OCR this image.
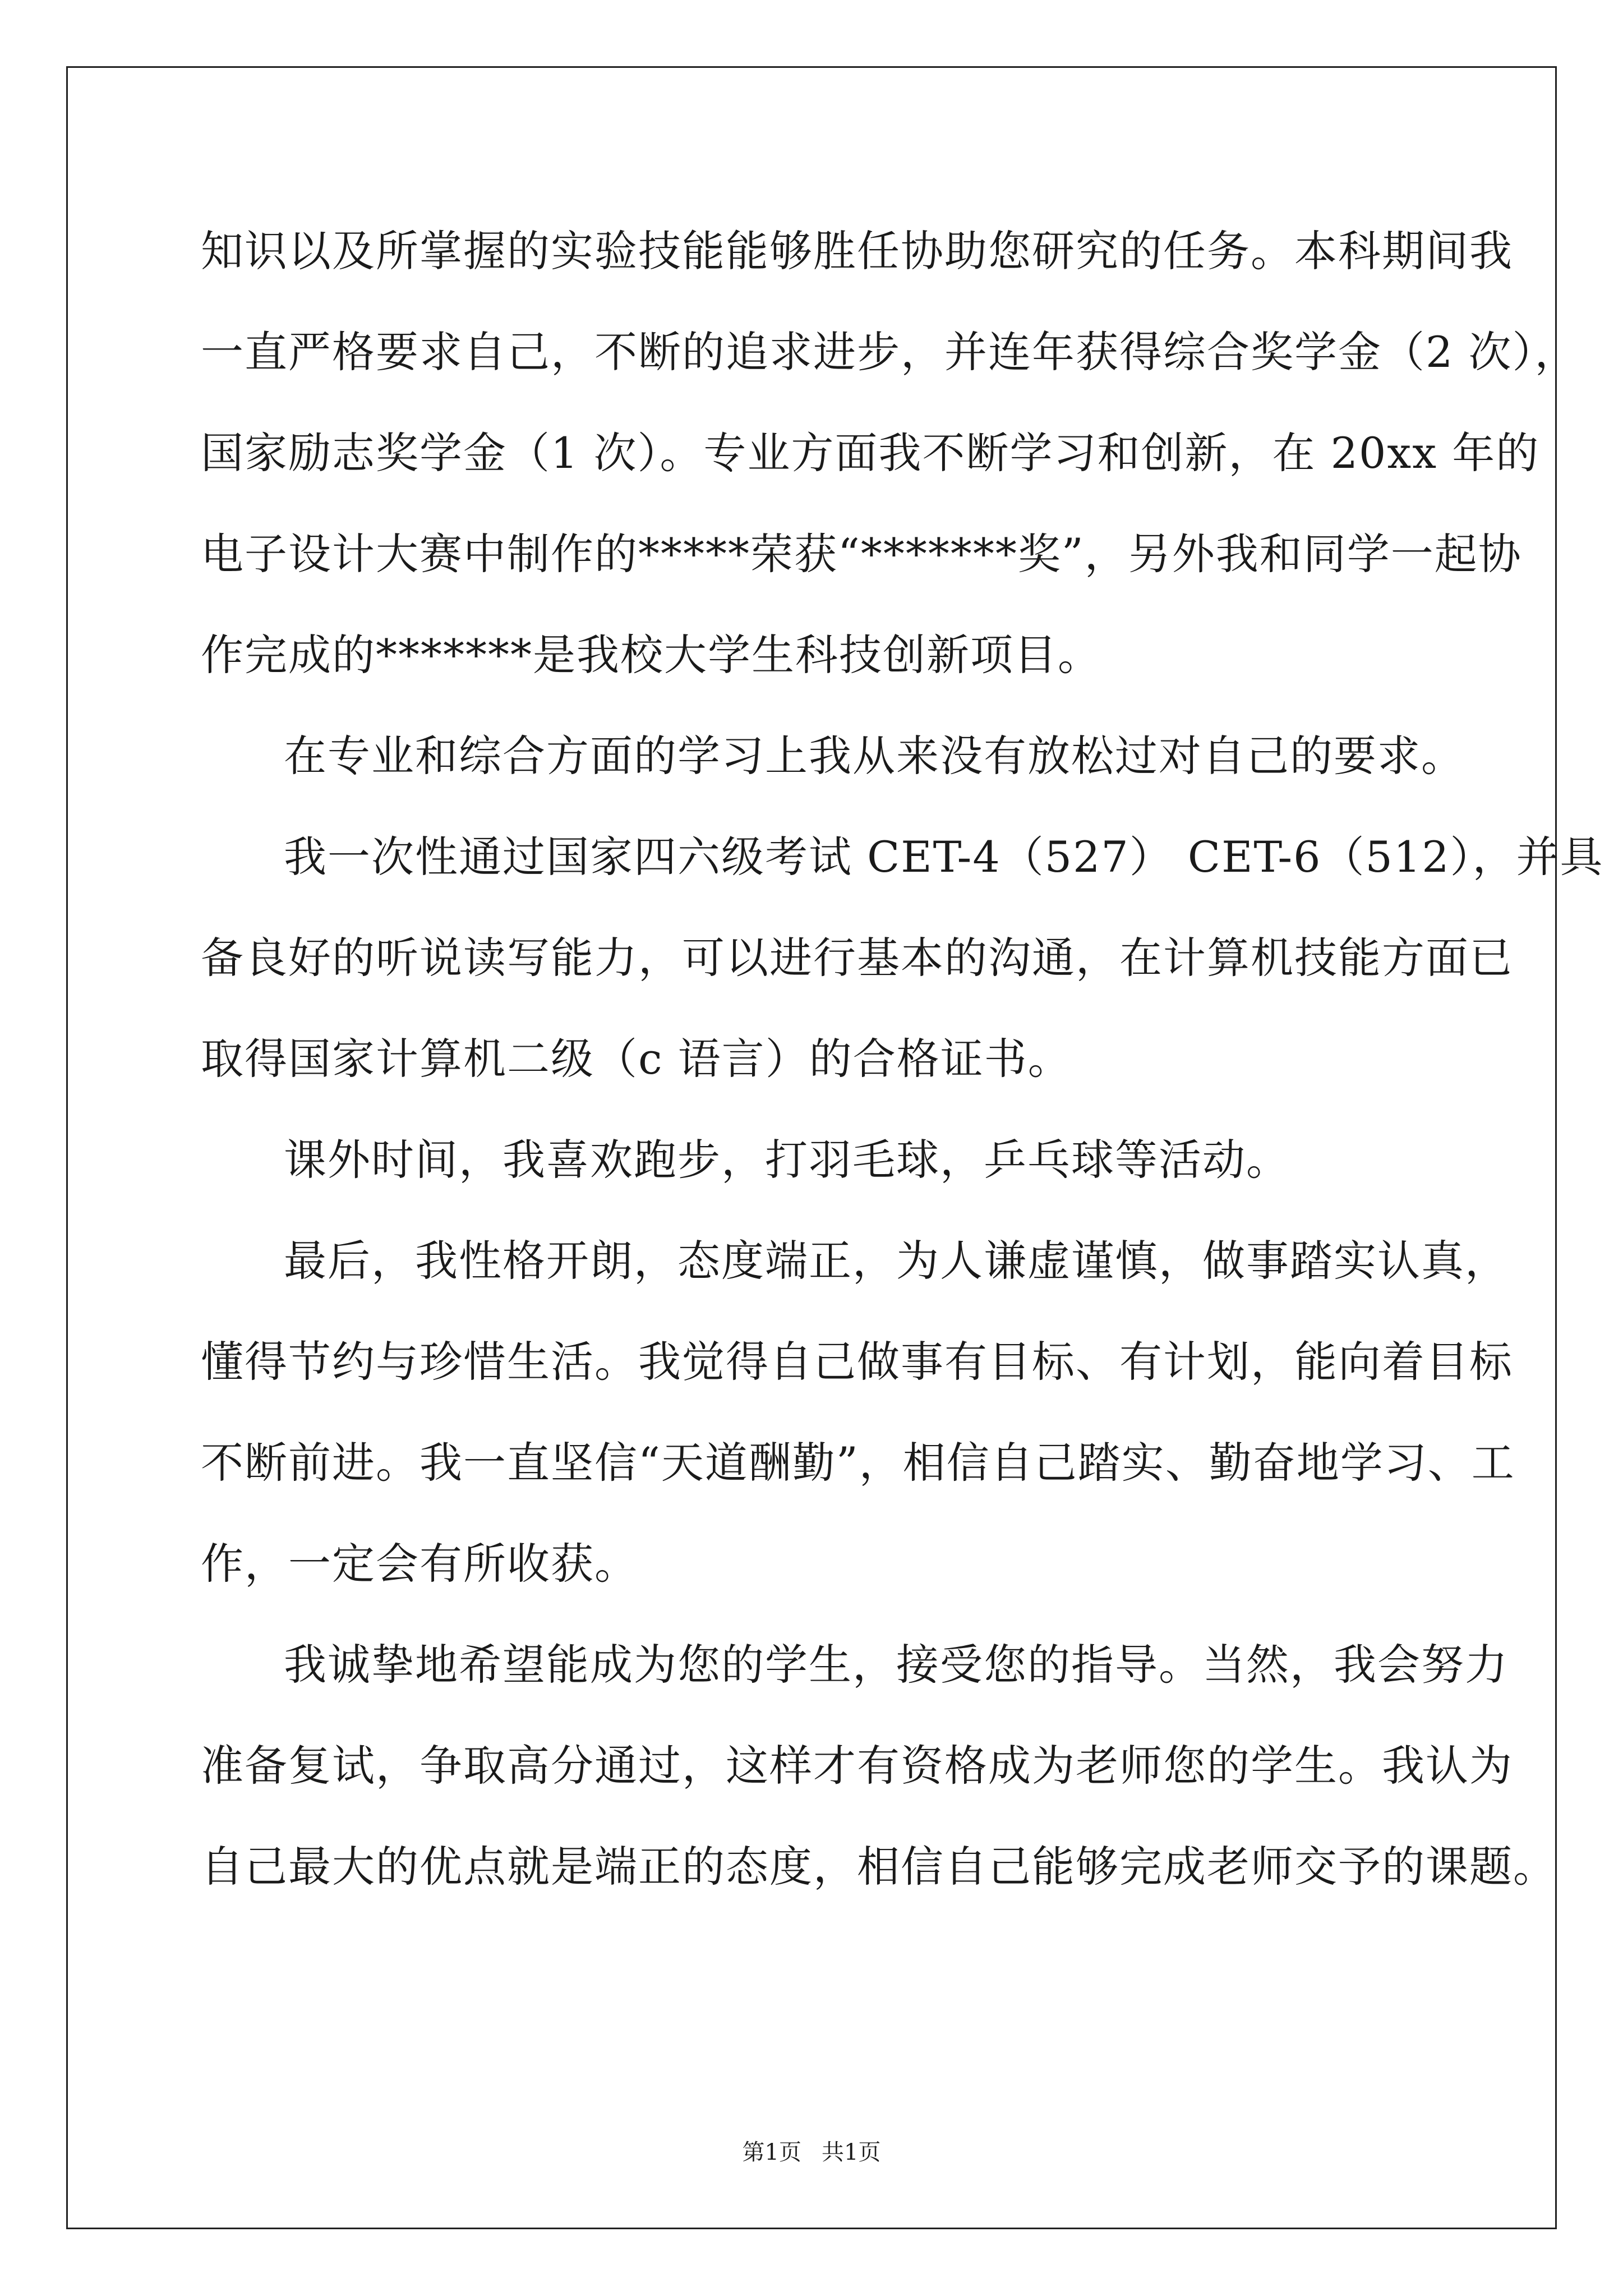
知识以及所掌握的实验技能能够胜任协助您研究的任务。本科期间我
一直严格要求自己，不断的追求进步，并连年获得综合奖学金（2 次），
国家励志奖学金（1 次）。专业方面我不断学习和创新，在 20xx 年的
电子设计大赛中制作的*****荣获“*******奖”，另外我和同学一起协
作完成的*******是我校大学生科技创新项目。
在专业和综合方面的学习上我从来没有放松过对自己的要求。
我一次性通过国家四六级考试 CET-4（527） CET-6（512），并具
备良好的听说读写能力，可以进行基本的沟通，在计算机技能方面已
取得国家计算机二级（c 语言）的合格证书。
课外时间，我喜欢跑步，打羽毛球，乒乓球等活动。
最后，我性格开朗，态度端正，为人谦虚谨慎，做事踏实认真，
懂得节约与珍惜生活。我觉得自己做事有目标、有计划，能向着目标
不断前进。我一直坚信“天道酬勤”，相信自己踏实、勤奋地学习、工
作，一定会有所收获。
我诚挚地希望能成为您的学生，接受您的指导。当然，我会努力
准备复试，争取高分通过，这样才有资格成为老师您的学生。我认为
自己最大的优点就是端正的态度，相信自己能够完成老师交予的课题。
第1页 共1页
